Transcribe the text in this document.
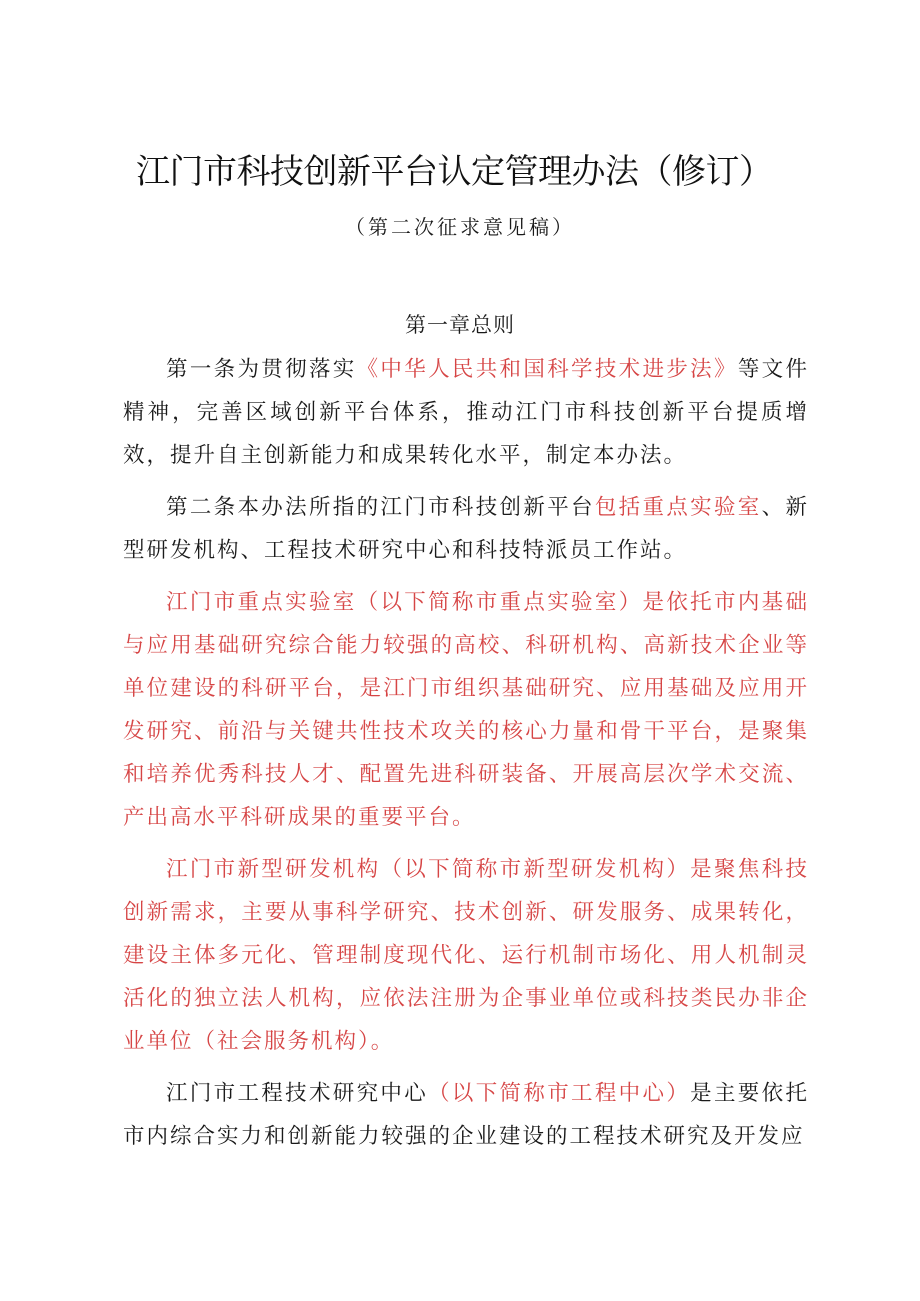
江门市科技创新平台认定管理办法（修订）
（第二次征求意见稿）
第一章总则

第一条为贯彻落实《中华人民共和国科学技术进步法》等文件精神，完善区域创新平台体系，推动江门市科技创新平台提质增效，提升自主创新能力和成果转化水平，制定本办法。

第二条本办法所指的江门市科技创新平台包括重点实验室、新型研发机构、工程技术研究中心和科技特派员工作站。

江门市重点实验室（以下简称市重点实验室）是依托市内基础与应用基础研究综合能力较强的高校、科研机构、高新技术企业等单位建设的科研平台，是江门市组织基础研究、应用基础及应用开发研究、前沿与关键共性技术攻关的核心力量和骨干平台，是聚集和培养优秀科技人才、配置先进科研装备、开展高层次学术交流、产出高水平科研成果的重要平台。

江门市新型研发机构（以下简称市新型研发机构）是聚焦科技创新需求，主要从事科学研究、技术创新、研发服务、成果转化，建设主体多元化、管理制度现代化、运行机制市场化、用人机制灵活化的独立法人机构，应依法注册为企事业单位或科技类民办非企业单位（社会服务机构）。

江门市工程技术研究中心（以下简称市工程中心）是主要依托市内综合实力和创新能力较强的企业建设的工程技术研究及开发应
